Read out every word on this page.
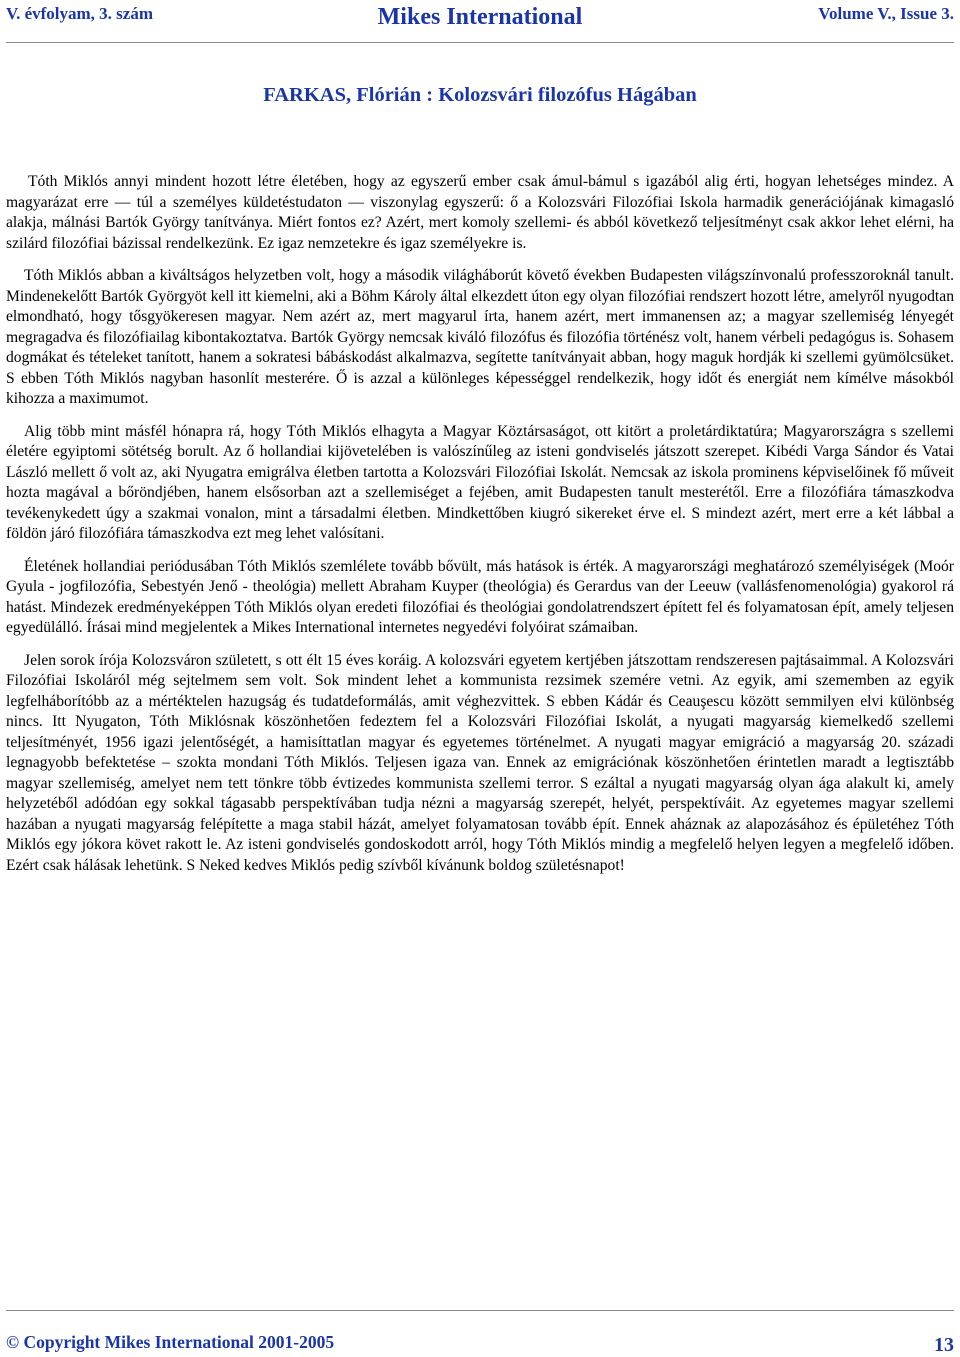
V. évfolyam, 3. szám	Mikes International	Volume V., Issue 3.
FARKAS, Flórián : Kolozsvári filozófus Hágában

Tóth Miklós annyi mindent hozott létre életében, hogy az egyszerű ember csak ámul-bámul s igazából alig érti, hogyan lehetséges mindez. A magyarázat erre — túl a személyes küldetéstudaton — viszonylag egyszerű: ő a Kolozsvári Filozófiai Iskola harmadik generációjának kimagasló alakja, málnási Bartók György tanítványa. Miért fontos ez? Azért, mert komoly szellemi- és abból következő teljesítményt csak akkor lehet elérni, ha szilárd filozófiai bázissal rendelkezünk. Ez igaz nemzetekre és igaz személyekre is.

Tóth Miklós abban a kiváltságos helyzetben volt, hogy a második világháborút követő években Budapesten világszínvonalú professzoroknál tanult. Mindenekelőtt Bartók Györgyöt kell itt kiemelni, aki a Böhm Károly által elkezdett úton egy olyan filozófiai rendszert hozott létre, amelyről nyugodtan elmondható, hogy tősgyökeresen magyar. Nem azért az, mert magyarul írta, hanem azért, mert immanensen az; a magyar szellemiség lényegét megragadva és filozófiailag kibontakoztatva. Bartók György nemcsak kiváló filozófus és filozófia történész volt, hanem vérbeli pedagógus is. Sohasem dogmákat és tételeket tanított, hanem a sokratesi bábáskodást alkalmazva, segítette tanítványait abban, hogy maguk hordják ki szellemi gyümölcsüket. S ebben Tóth Miklós nagyban hasonlít mesterére. Ő is azzal a különleges képességgel rendelkezik, hogy időt és energiát nem kímélve másokból kihozza a maximumot.

Alig több mint másfél hónapra rá, hogy Tóth Miklós elhagyta a Magyar Köztársaságot, ott kitört a proletárdiktatúra; Magyarországra s szellemi életére egyiptomi sötétség borult. Az ő hollandiai kijövetelében is valószínűleg az isteni gondviselés játszott szerepet. Kibédi Varga Sándor és Vatai László mellett ő volt az, aki Nyugatra emigrálva életben tartotta a Kolozsvári Filozófiai Iskolát. Nemcsak az iskola prominens képviselőinek fő műveit hozta magával a bőröndjében, hanem elsősorban azt a szellemiséget a fejében, amit Budapesten tanult mesterétől. Erre a filozófiára támaszkodva tevékenykedett úgy a szakmai vonalon, mint a társadalmi életben. Mindkettőben kiugró sikereket érve el. S mindezt azért, mert erre a két lábbal a földön járó filozófiára támaszkodva ezt meg lehet valósítani.

Életének hollandiai periódusában Tóth Miklós szemlélete tovább bővült, más hatások is érték. A magyarországi meghatározó személyiségek (Moór Gyula - jogfilozófia, Sebestyén Jenő - theológia) mellett Abraham Kuyper (theológia) és Gerardus van der Leeuw (vallásfenomenológia) gyakorol rá hatást. Mindezek eredményeképpen Tóth Miklós olyan eredeti filozófiai és theológiai gondolatrendszert épített fel és folyamatosan épít, amely teljesen egyedülálló. Írásai mind megjelentek a Mikes International internetes negyedévi folyóirat számaiban.

Jelen sorok írója Kolozsváron született, s ott élt 15 éves koráig. A kolozsvári egyetem kertjében játszottam rendszeresen pajtásaimmal. A Kolozsvári Filozófiai Iskoláról még sejtelmem sem volt. Sok mindent lehet a kommunista rezsimek szemére vetni. Az egyik, ami szememben az egyik legfelháborítóbb az a mértéktelen hazugság és tudatdeformálás, amit véghezvittek. S ebben Kádár és Ceauşescu között semmilyen elvi különbség nincs. Itt Nyugaton, Tóth Miklósnak köszönhetően fedeztem fel a Kolozsvári Filozófiai Iskolát, a nyugati magyarság kiemelkedő szellemi teljesítményét, 1956 igazi jelentőségét, a hamisíttatlan magyar és egyetemes történelmet. A nyugati magyar emigráció a magyarság 20. századi legnagyobb befektetése – szokta mondani Tóth Miklós. Teljesen igaza van. Ennek az emigrációnak köszönhetően érintetlen maradt a legtisztább magyar szellemiség, amelyet nem tett tönkre több évtizedes kommunista szellemi terror. S ezáltal a nyugati magyarság olyan ága alakult ki, amely helyzetéből adódóan egy sokkal tágasabb perspektívában tudja nézni a magyarság szerepét, helyét, perspektíváit. Az egyetemes magyar szellemi hazában a nyugati magyarság felépítette a maga stabil házát, amelyet folyamatosan tovább épít. Ennek aháznak az alapozásához és épületéhez Tóth Miklós egy jókora követ rakott le. Az isteni gondviselés gondoskodott arról, hogy Tóth Miklós mindig a megfelelő helyen legyen a megfelelő időben. Ezért csak hálásak lehetünk. S Neked kedves Miklós pedig szívből kívánunk boldog születésnapot!

© Copyright Mikes International 2001-2005	13
